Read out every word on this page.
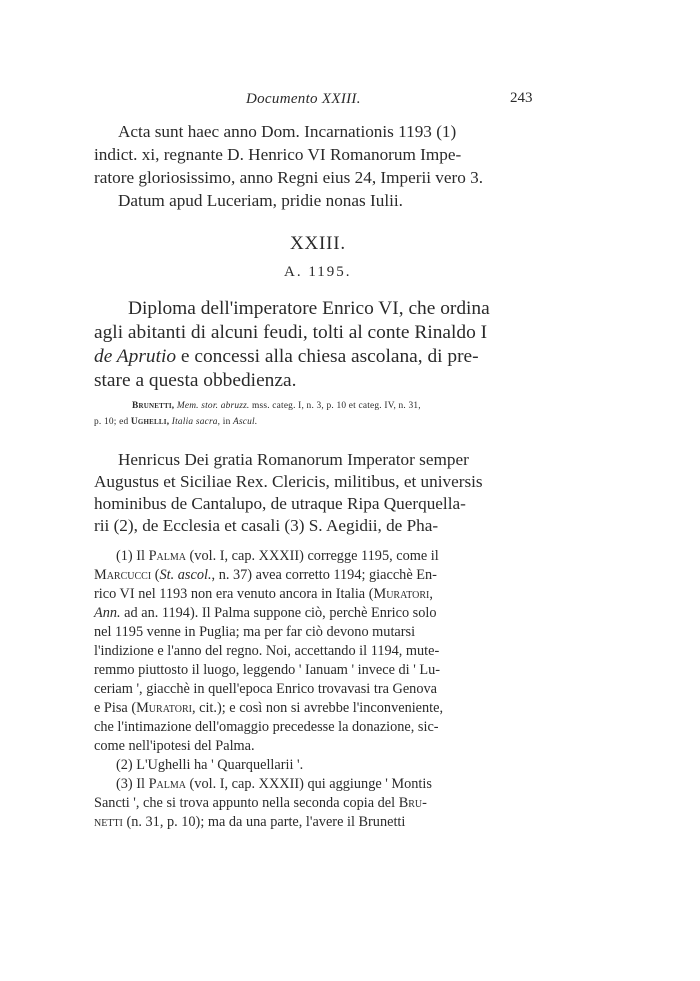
Documento XXIII.	243
Acta sunt haec anno Dom. Incarnationis 1193 (1)
indict. xi, regnante D. Henrico VI Romanorum Impe-
ratore gloriosissimo, anno Regni eius 24, Imperii vero 3.
Datum apud Luceriam, pridie nonas Iulii.
XXIII.
A. 1195.
Diploma dell'imperatore Enrico VI, che ordina
agli abitanti di alcuni feudi, tolti al conte Rinaldo I
de Aprutio e concessi alla chiesa ascolana, di pre-
stare a questa obbedienza.
Brunetti, Mem. stor. abruzz. mss. categ. I, n. 3, p. 10 et categ. IV, n. 31,
p. 10; ed Ughelli, Italia sacra, in Ascul.
Henricus Dei gratia Romanorum Imperator semper
Augustus et Siciliae Rex. Clericis, militibus, et universis
hominibus de Cantalupo, de utraque Ripa Querquella-
rii (2), de Ecclesia et casali (3) S. Aegidii, de Pha-
(1) Il Palma (vol. I, cap. XXXII) corregge 1195, come il
Marcucci (St. ascol., n. 37) avea corretto 1194; giacchè En-
rico VI nel 1193 non era venuto ancora in Italia (Muratori,
Ann. ad an. 1194). Il Palma suppone ciò, perchè Enrico solo
nel 1195 venne in Puglia; ma per far ciò devono mutarsi
l'indizione e l'anno del regno. Noi, accettando il 1194, mute-
remmo piuttosto il luogo, leggendo ' Ianuam ' invece di ' Lu-
ceriam ', giacchè in quell'epoca Enrico trovavasi tra Genova
e Pisa (Muratori, cit.); e così non si avrebbe l'inconveniente,
che l'intimazione dell'omaggio precedesse la donazione, sic-
come nell'ipotesi del Palma.
(2) L'Ughelli ha ' Quarquellarii '.
(3) Il Palma (vol. I, cap. XXXII) qui aggiunge ' Montis
Sancti ', che si trova appunto nella seconda copia del Bru-
netti (n. 31, p. 10); ma da una parte, l'avere il Brunetti
